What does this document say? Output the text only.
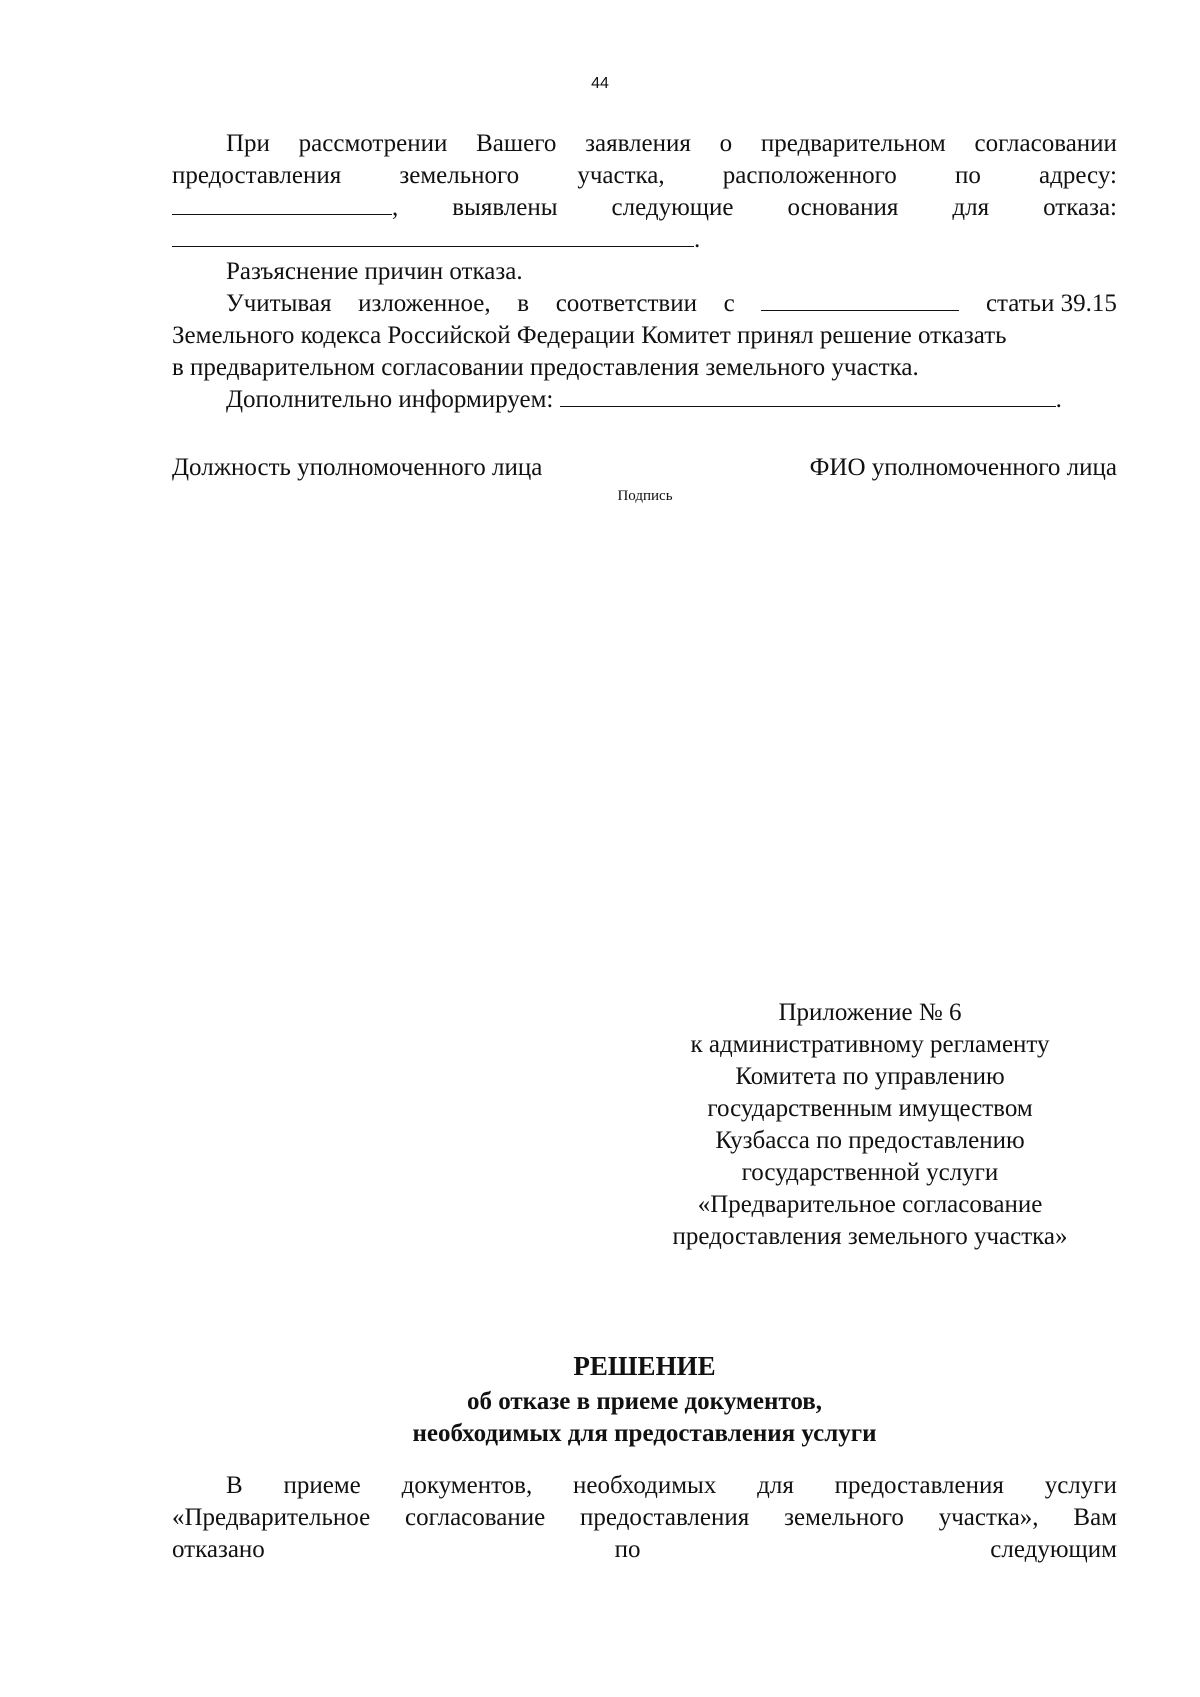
44
При рассмотрении Вашего заявления о предварительном согласовании
предоставления земельного участка, расположенного по адресу:
, выявлены следующие основания для отказа:
.
Разъяснение причин отказа.
Учитывая изложенное, в соответствии с	статьи 39.15
Земельного кодекса Российской Федерации Комитет принял решение отказать
в предварительном согласовании предоставления земельного участка.
Дополнительно информируем:	.
Должность уполномоченного лица	ФИО уполномоченного лица
Подпись
Приложение № 6
к административному регламенту
Комитета по управлению
государственным имуществом
Кузбасса по предоставлению
государственной услуги
«Предварительное согласование
предоставления земельного участка»
РЕШЕНИЕ
об отказе в приеме документов,
необходимых для предоставления услуги
В приеме документов, необходимых для предоставления услуги
«Предварительное согласование предоставления земельного участка», Вам
отказано	по	следующим
